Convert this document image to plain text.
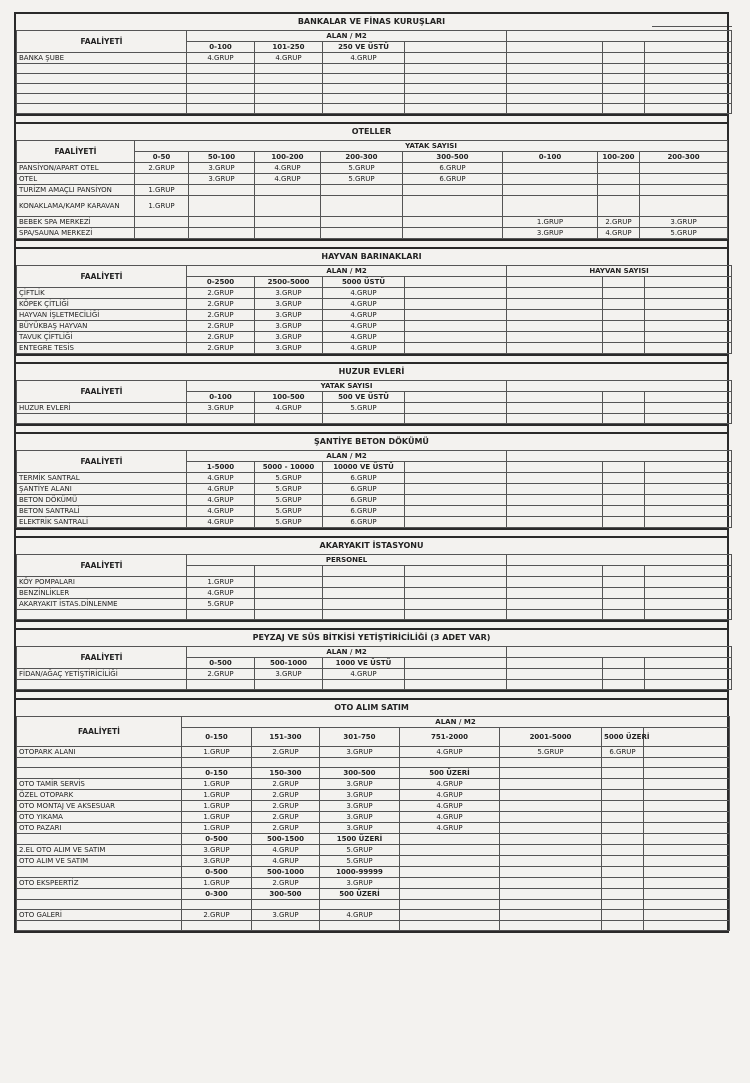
BANKALAR VE FİNAS KURUŞLARI
FAALİYETİ	ALAN / M2						
	0-100	101-250	250 VE ÜSTÜ				
BANKA ŞUBE	4.GRUP	4.GRUP	4.GRUP				

OTELLER
FAALİYETİ	YATAK SAYISI							
	0-50	50-100	100-200	200-300	300-500	0-100	100-200	200-300
PANSİYON/APART OTEL	2.GRUP	3.GRUP	4.GRUP	5.GRUP	6.GRUP			
OTEL		3.GRUP	4.GRUP	5.GRUP	6.GRUP			
TURİZM AMAÇLI PANSİYON	1.GRUP							
KONAKLAMA/KAMP KARAVAN	1.GRUP							
BEBEK SPA MERKEZİ						1.GRUP	2.GRUP	3.GRUP
SPA/SAUNA MERKEZİ						3.GRUP	4.GRUP	5.GRUP
HAYVAN BARINAKLARI
FAALİYETİ	ALAN / M2				HAYVAN SAYISI		
	0-2500	2500-5000	5000 ÜSTÜ				
ÇİFTLİK	2.GRUP	3.GRUP	4.GRUP				
KÖPEK ÇİTLİĞİ	2.GRUP	3.GRUP	4.GRUP				
HAYVAN İŞLETMECİLİĞİ	2.GRUP	3.GRUP	4.GRUP				
BÜYÜKBAŞ HAYVAN	2.GRUP	3.GRUP	4.GRUP				
TAVUK ÇİFTLİĞİ	2.GRUP	3.GRUP	4.GRUP				
ENTEGRE TESİS	2.GRUP	3.GRUP	4.GRUP				
HUZUR EVLERİ
FAALİYETİ	YATAK SAYISI						
	0-100	100-500	500 VE ÜSTÜ				
HUZUR EVLERİ	3.GRUP	4.GRUP	5.GRUP				

ŞANTİYE BETON DÖKÜMÜ
FAALİYETİ	ALAN / M2						
	1-5000	5000 - 10000	10000 VE ÜSTÜ				
TERMİK SANTRAL	4.GRUP	5.GRUP	6.GRUP				
ŞANTİYE ALANI	4.GRUP	5.GRUP	6.GRUP				
BETON DÖKÜMÜ	4.GRUP	5.GRUP	6.GRUP				
BETON SANTRALİ	4.GRUP	5.GRUP	6.GRUP				
ELEKTRİK SANTRALİ	4.GRUP	5.GRUP	6.GRUP				
AKARYAKIT İSTASYONU
FAALİYETİ	PERSONEL						

KÖY POMPALARI	1.GRUP						
BENZİNLİKLER	4.GRUP						
AKARYAKIT İSTAS.DİNLENME	5.GRUP						

PEYZAJ VE SÜS BİTKİSİ YETİŞTİRİCİLİĞİ (3 ADET VAR)
FAALİYETİ	ALAN / M2						
	0-500	500-1000	1000 VE ÜSTÜ				
FİDAN/AĞAÇ YETİŞTİRİCİLİĞİ	2.GRUP	3.GRUP	4.GRUP				

OTO ALIM SATIM
FAALİYETİ	ALAN / M2						
	0-150	151-300	301-750	751-2000	2001-5000	5000 ÜZERİ	
OTOPARK ALANI	1.GRUP	2.GRUP	3.GRUP	4.GRUP	5.GRUP	6.GRUP	

	0-150	150-300	300-500	500 ÜZERİ			
OTO TAMİR SERVİS	1.GRUP	2.GRUP	3.GRUP	4.GRUP			
ÖZEL OTOPARK	1.GRUP	2.GRUP	3.GRUP	4.GRUP			
OTO MONTAJ VE AKSESUAR	1.GRUP	2.GRUP	3.GRUP	4.GRUP			
OTO YIKAMA	1.GRUP	2.GRUP	3.GRUP	4.GRUP			
OTO PAZARI	1.GRUP	2.GRUP	3.GRUP	4.GRUP			
	0-500	500-1500	1500 ÜZERİ				
2.EL OTO ALIM VE SATIM	3.GRUP	4.GRUP	5.GRUP				
OTO ALIM VE SATIM	3.GRUP	4.GRUP	5.GRUP				
	0-500	500-1000	1000-99999				
OTO EKSPEERTİZ	1.GRUP	2.GRUP	3.GRUP				
	0-300	300-500	500 ÜZERİ				

OTO GALERİ	2.GRUP	3.GRUP	4.GRUP				
